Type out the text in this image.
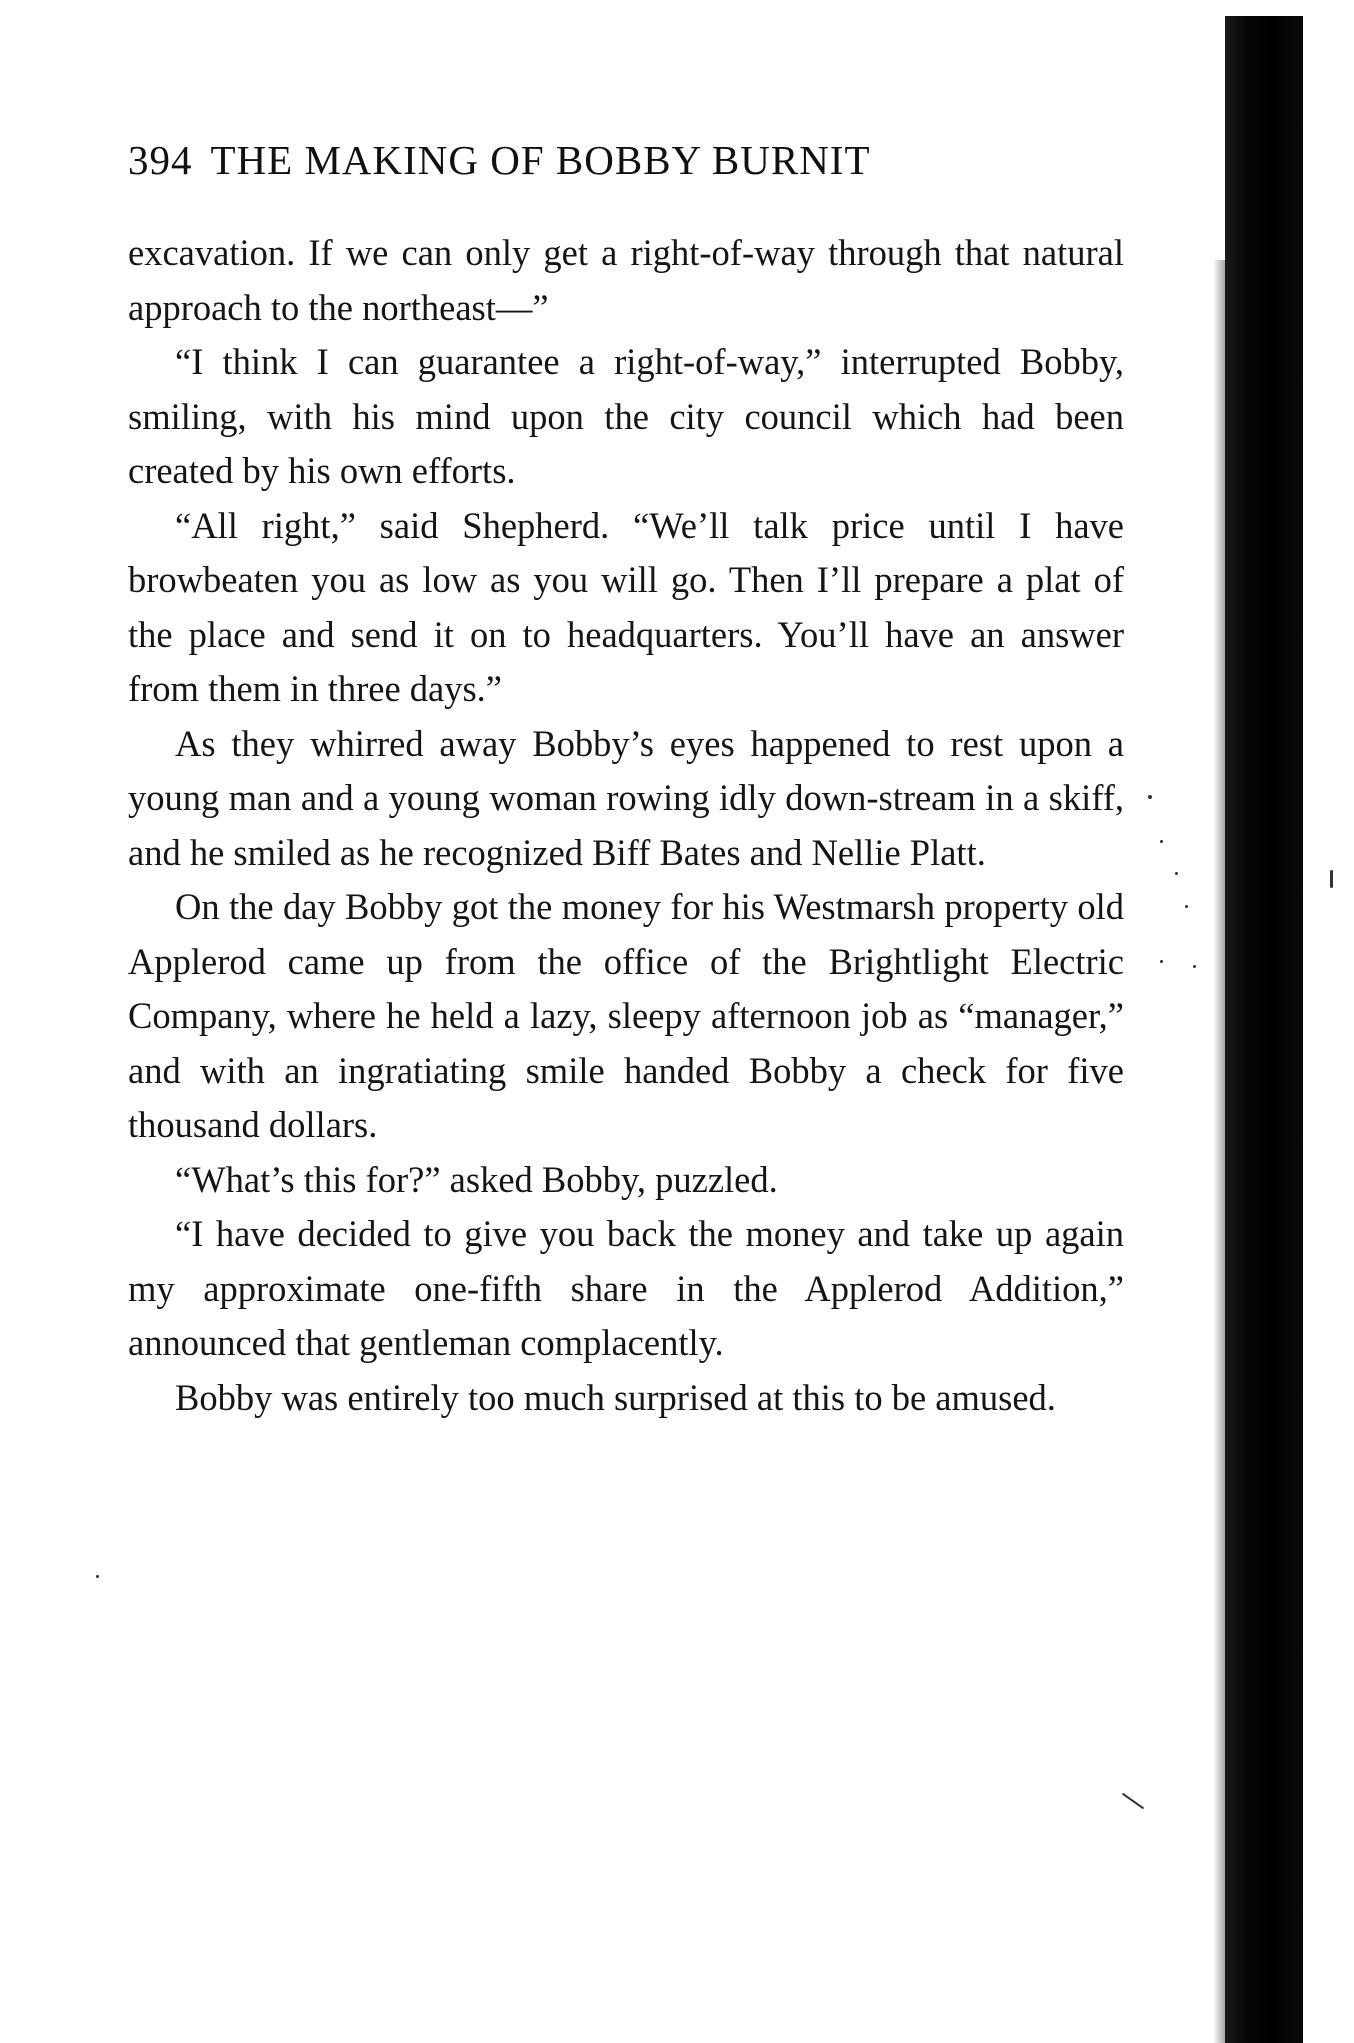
394 THE MAKING OF BOBBY BURNIT

excavation. If we can only get a right-of-way through that natural approach to the northeast—”

“I think I can guarantee a right-of-way,” interrupted Bobby, smiling, with his mind upon the city council which had been created by his own efforts.

“All right,” said Shepherd. “We’ll talk price until I have browbeaten you as low as you will go. Then I’ll prepare a plat of the place and send it on to headquarters. You’ll have an answer from them in three days.”

As they whirred away Bobby’s eyes happened to rest upon a young man and a young woman rowing idly down-stream in a skiff, and he smiled as he recognized Biff Bates and Nellie Platt.

On the day Bobby got the money for his Westmarsh property old Applerod came up from the office of the Brightlight Electric Company, where he held a lazy, sleepy afternoon job as “manager,” and with an ingratiating smile handed Bobby a check for five thousand dollars.

“What’s this for?” asked Bobby, puzzled.

“I have decided to give you back the money and take up again my approximate one-fifth share in the Applerod Addition,” announced that gentleman complacently.

Bobby was entirely too much surprised at this to be amused.
